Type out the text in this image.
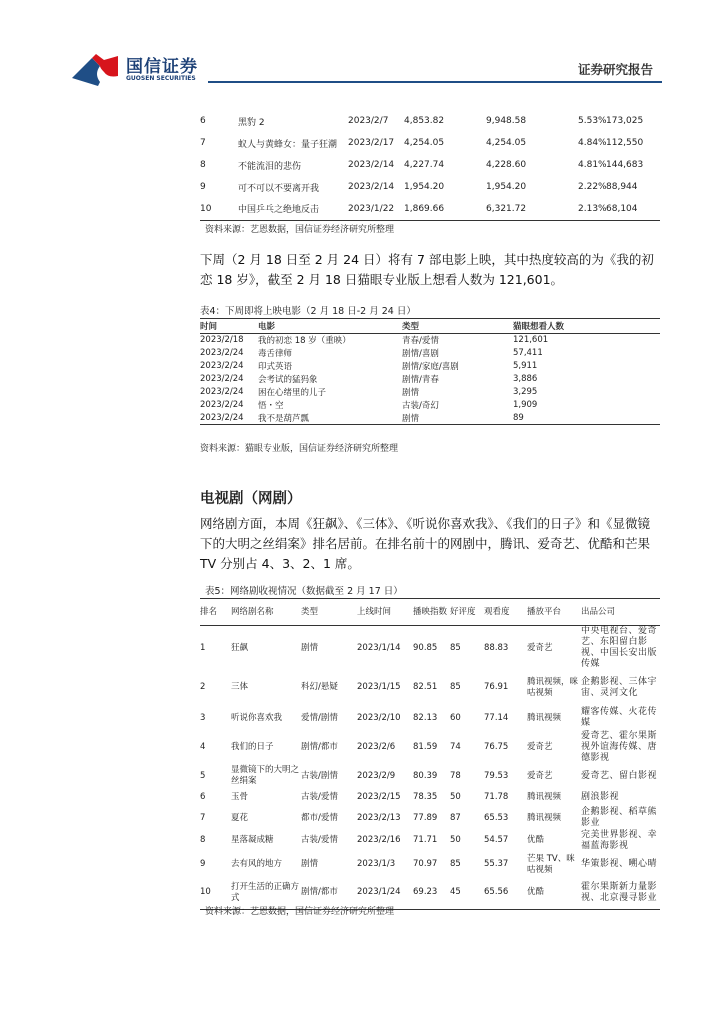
国信证券
GUOSEN SECURITIES
证券研究报告
6	黑豹 2	2023/2/7	4,853.82	9,948.58	5.53%	173,025
7	蚁人与黄蜂女：量子狂潮	2023/2/17	4,254.05	4,254.05	4.84%	112,550
8	不能流泪的悲伤	2023/2/14	4,227.74	4,228.60	4.81%	144,683
9	可不可以不要离开我	2023/2/14	1,954.20	1,954.20	2.22%	88,944
10	中国乒乓之绝地反击	2023/1/22	1,869.66	6,321.72	2.13%	68,104
资料来源：艺恩数据，国信证券经济研究所整理
下周（2 月 18 日至 2 月 24 日）将有 7 部电影上映，其中热度较高的为《我的初恋 18 岁》，截至 2 月 18 日猫眼专业版上想看人数为 121,601。
表4：下周即将上映电影（2 月 18 日-2 月 24 日）
时间	电影	类型	猫眼想看人数
2023/2/18	我的初恋 18 岁（重映）	青春/爱情	121,601
2023/2/24	毒舌律师	剧情/喜剧	57,411
2023/2/24	印式英语	剧情/家庭/喜剧	5,911
2023/2/24	会考试的猛犸象	剧情/青春	3,886
2023/2/24	困在心绪里的儿子	剧情	3,295
2023/2/24	悟・空	古装/奇幻	1,909
2023/2/24	我不是葫芦瓢	剧情	89
资料来源：猫眼专业版，国信证券经济研究所整理
电视剧（网剧）
网络剧方面，本周《狂飙》、《三体》、《听说你喜欢我》、《我们的日子》和《显微镜下的大明之丝绢案》排名居前。在排名前十的网剧中，腾讯、爱奇艺、优酷和芒果 TV 分别占 4、3、2、1 席。
表5：网络剧收视情况（数据截至 2 月 17 日）
排名	网络剧名称	类型	上线时间	播映指数	好评度	观看度	播放平台	出品公司
1	狂飙	剧情	2023/1/14	90.85	85	88.83	爱奇艺	中央电视台、爱奇艺、东阳留白影视、中国长安出版传媒
2	三体	科幻/悬疑	2023/1/15	82.51	85	76.91	腾讯视频，咪咕视频	企鹅影视、三体宇宙、灵河文化
3	听说你喜欢我	爱情/剧情	2023/2/10	82.13	60	77.14	腾讯视频	耀客传媒、火花传媒
4	我们的日子	剧情/都市	2023/2/6	81.59	74	76.75	爱奇艺	爱奇艺、霍尔果斯视外谊海传媒、唐德影视
5	显微镜下的大明之丝绢案	古装/剧情	2023/2/9	80.39	78	79.53	爱奇艺	爱奇艺、留白影视
6	玉骨	古装/爱情	2023/2/15	78.35	50	71.78	腾讯视频	剧浪影视
7	夏花	都市/爱情	2023/2/13	77.89	87	65.53	腾讯视频	企鹅影视、稻草熊影业
8	星落凝成糖	古装/爱情	2023/2/16	71.71	50	54.57	优酷	完美世界影视、幸福蓝海影视
9	去有风的地方	剧情	2023/1/3	70.97	85	55.37	芒果 TV、咪咕视频	华策影视、嗍心晴
10	打开生活的正确方式	剧情/都市	2023/1/24	69.23	45	65.56	优酷	霍尔果斯新力量影视、北京漫寻影业
资料来源：艺恩数据，国信证券经济研究所整理
